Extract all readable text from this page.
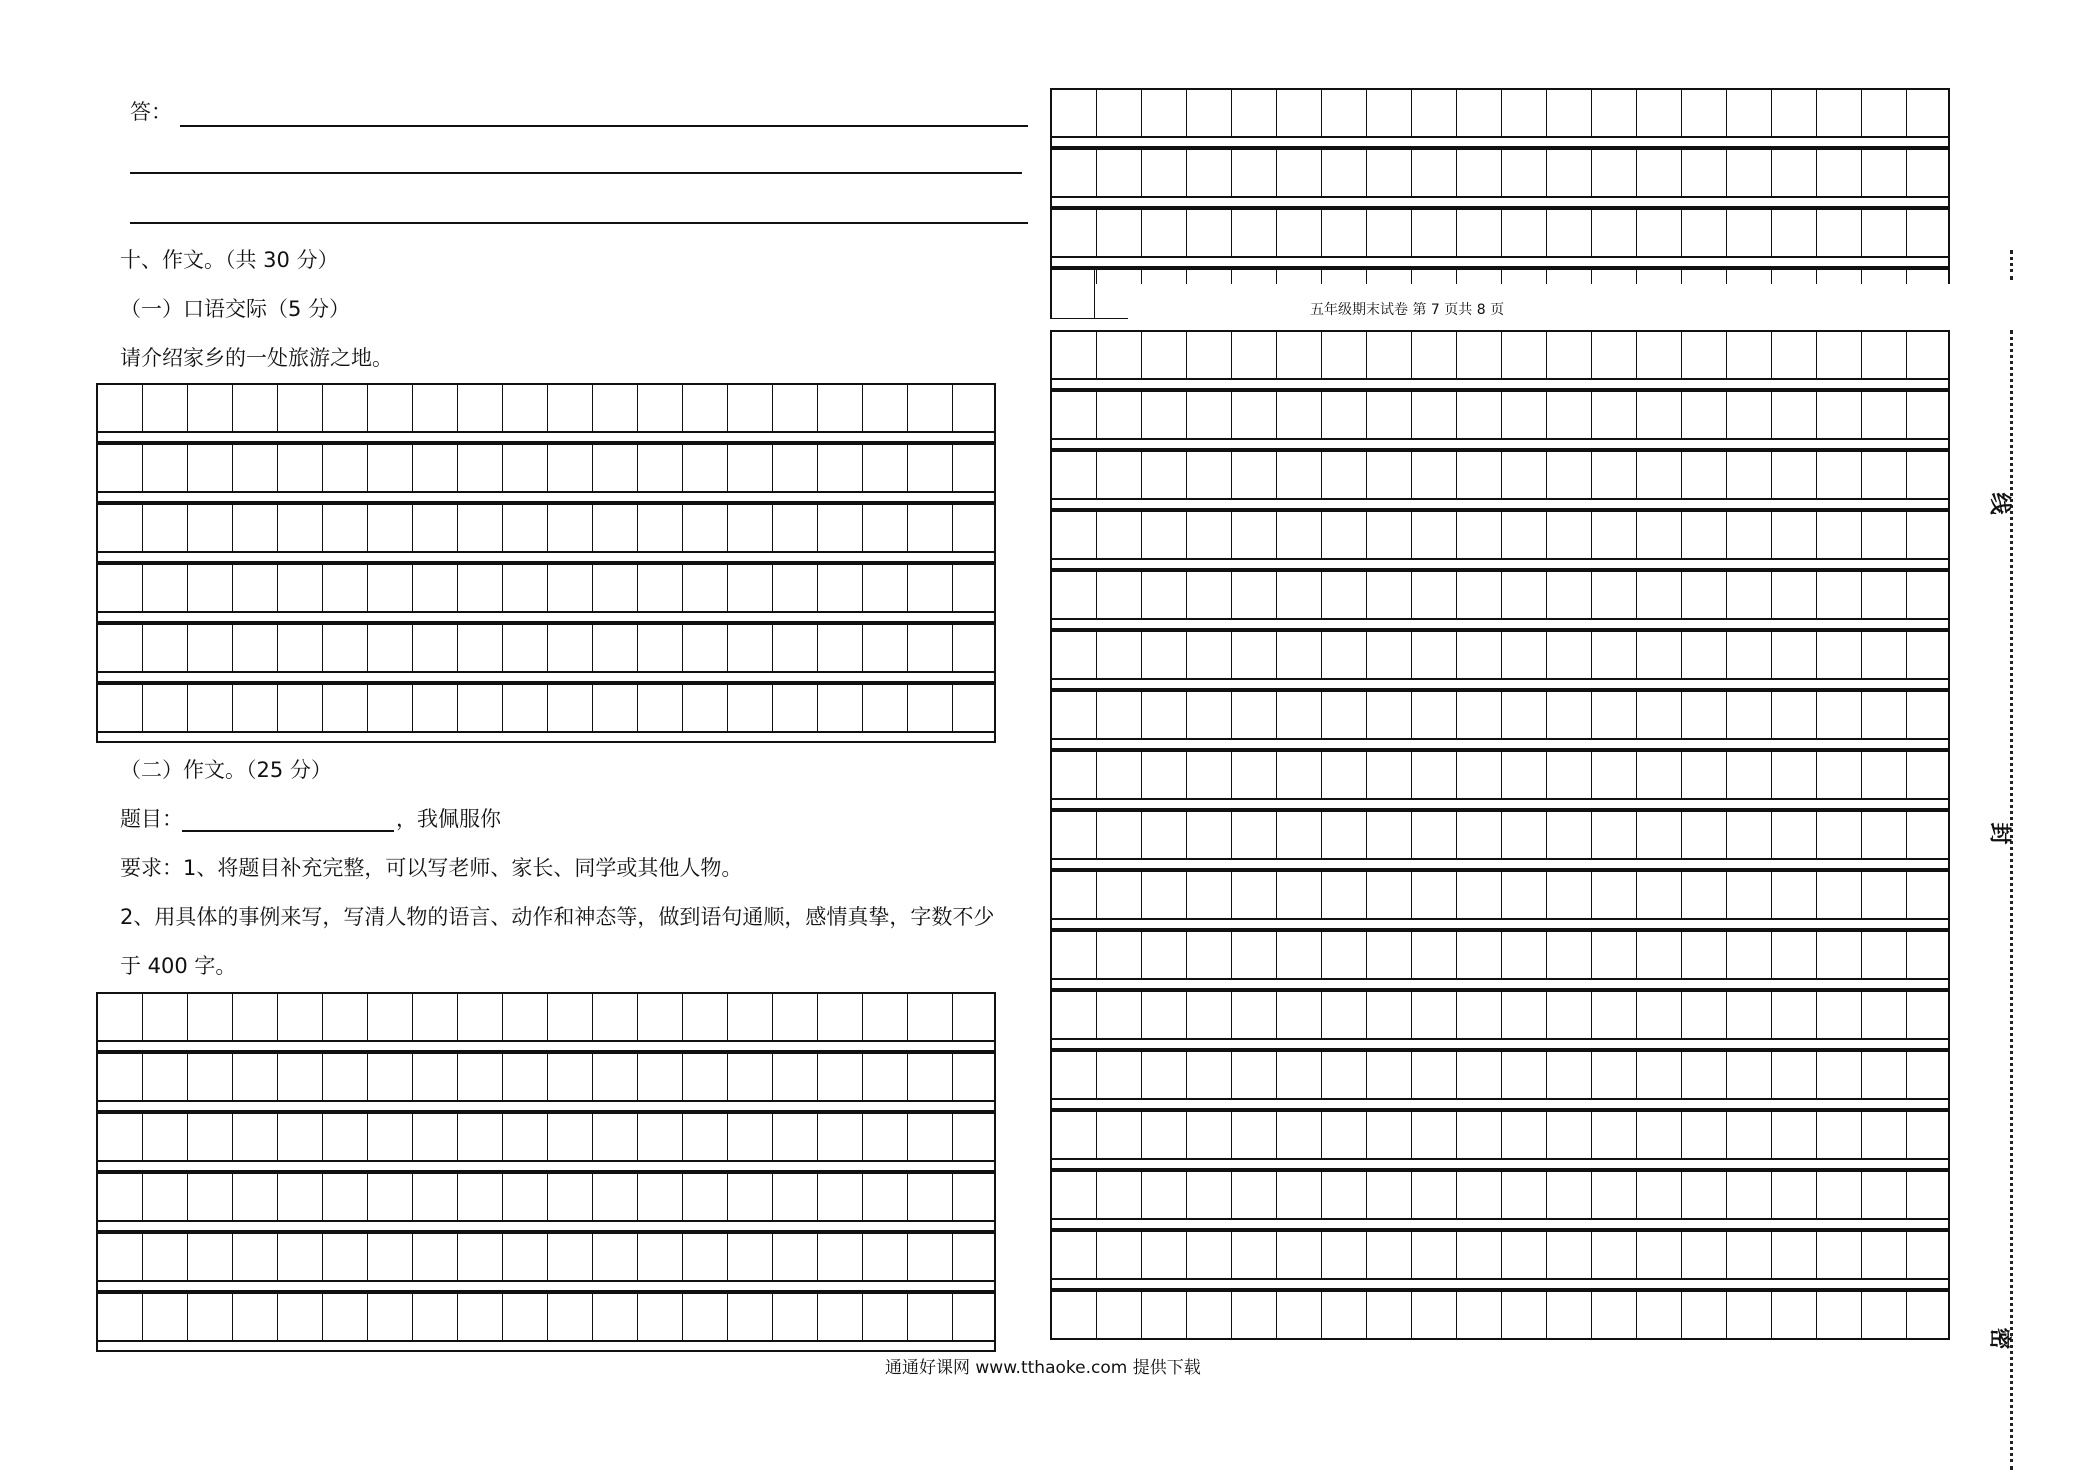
答：
十、作文。（共 30 分）
（一）口语交际（5 分）
请介绍家乡的一处旅游之地。
（二）作文。（25 分）
题目：	，我佩服你
要求：1、将题目补充完整，可以写老师、家长、同学或其他人物。
2、用具体的事例来写，写清人物的语言、动作和神态等，做到语句通顺，感情真挚，字数不少
于 400 字。
五年级期末试卷 第 7 页共 8 页
通通好课网 www.tthaoke.com 提供下载
线
封
密
